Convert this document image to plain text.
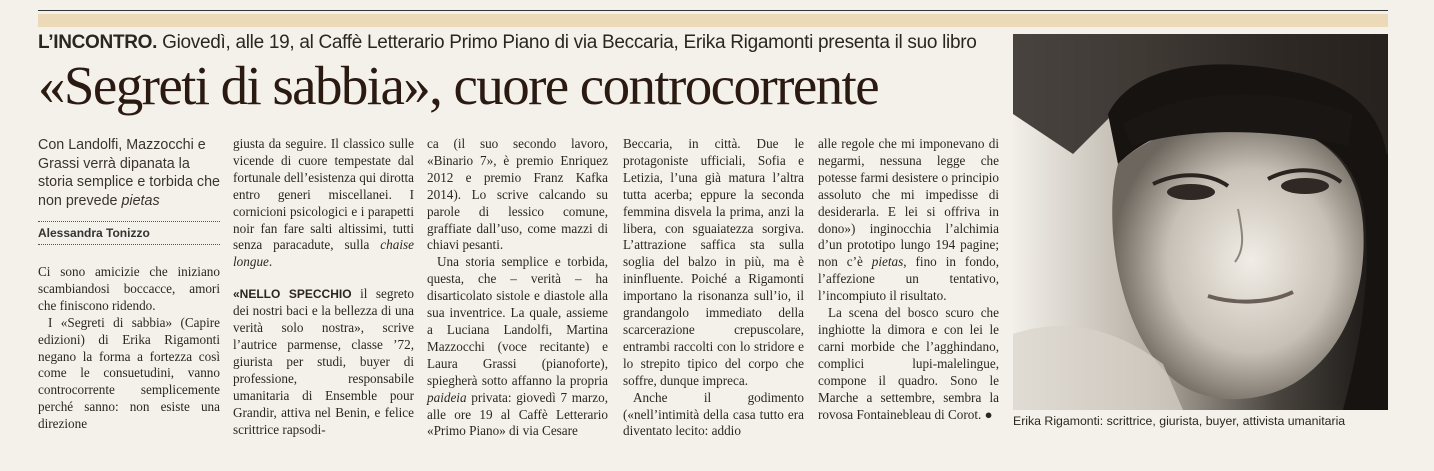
L’INCONTRO. Giovedì, alle 19, al Caffè Letterario Primo Piano di via Beccaria, Erika Rigamonti presenta il suo libro
«Segreti di sabbia», cuore controcorrente
Con Landolfi, Mazzocchi e Grassi verrà dipanata la storia semplice e torbida che non prevede pietas
Alessandra Tonizzo

Ci sono amicizie che iniziano scambiandosi boccacce, amori che finiscono ridendo.

I «Segreti di sabbia» (Capire edizioni) di Erika Rigamonti negano la forma a fortezza così come le consuetudini, vanno controcorrente semplicemente perché sanno: non esiste una direzione

giusta da seguire. Il classico sulle vicende di cuore tempestate dal fortunale dell’esistenza qui dirotta entro generi miscellanei. I cornicioni psicologici e i parapetti noir fan fare salti altissimi, tutti senza paracadute, sulla chaise longue.

«NELLO SPECCHIO il segreto dei nostri baci e la bellezza di una verità solo nostra», scrive l’autrice parmense, classe ’72, giurista per studi, buyer di professione, responsabile umanitaria di Ensemble pour Grandir, attiva nel Benin, e felice scrittrice rapsodi-

ca (il suo secondo lavoro, «Binario 7», è premio Enriquez 2012 e premio Franz Kafka 2014). Lo scrive calcando su parole di lessico comune, graffiate dall’uso, come mazzi di chiavi pesanti.

Una storia semplice e torbida, questa, che – verità – ha disarticolato sistole e diastole alla sua inventrice. La quale, assieme a Luciana Landolfi, Martina Mazzocchi (voce recitante) e Laura Grassi (pianoforte), spiegherà sotto affanno la propria paideia privata: giovedì 7 marzo, alle ore 19 al Caffè Letterario «Primo Piano» di via Cesare

Beccaria, in città. Due le protagoniste ufficiali, Sofia e Letizia, l’una già matura l’altra tutta acerba; eppure la seconda femmina disvela la prima, anzi la libera, con sguaiatezza sorgiva. L’attrazione saffica sta sulla soglia del balzo in più, ma è ininfluente. Poiché a Rigamonti importano la risonanza sull’io, il grandangolo immediato della scarcerazione crepuscolare, entrambi raccolti con lo stridore e lo strepito tipico del corpo che soffre, dunque impreca.

Anche il godimento («nell’intimità della casa tutto era diventato lecito: addio

alle regole che mi imponevano di negarmi, nessuna legge che potesse farmi desistere o principio assoluto che mi impedisse di desiderarla. E lei si offriva in dono») inginocchia l’alchimia d’un prototipo lungo 194 pagine; non c’è pietas, fino in fondo, l’affezione un tentativo, l’incompiuto il risultato.

La scena del bosco scuro che inghiotte la dimora e con lei le carni morbide che l’agghindano, complici lupi-malelingue, compone il quadro. Sono le Marche a settembre, sembra la rovosa Fontainebleau di Corot. ●	Erika Rigamonti: scrittrice, giurista, buyer, attivista umanitaria
